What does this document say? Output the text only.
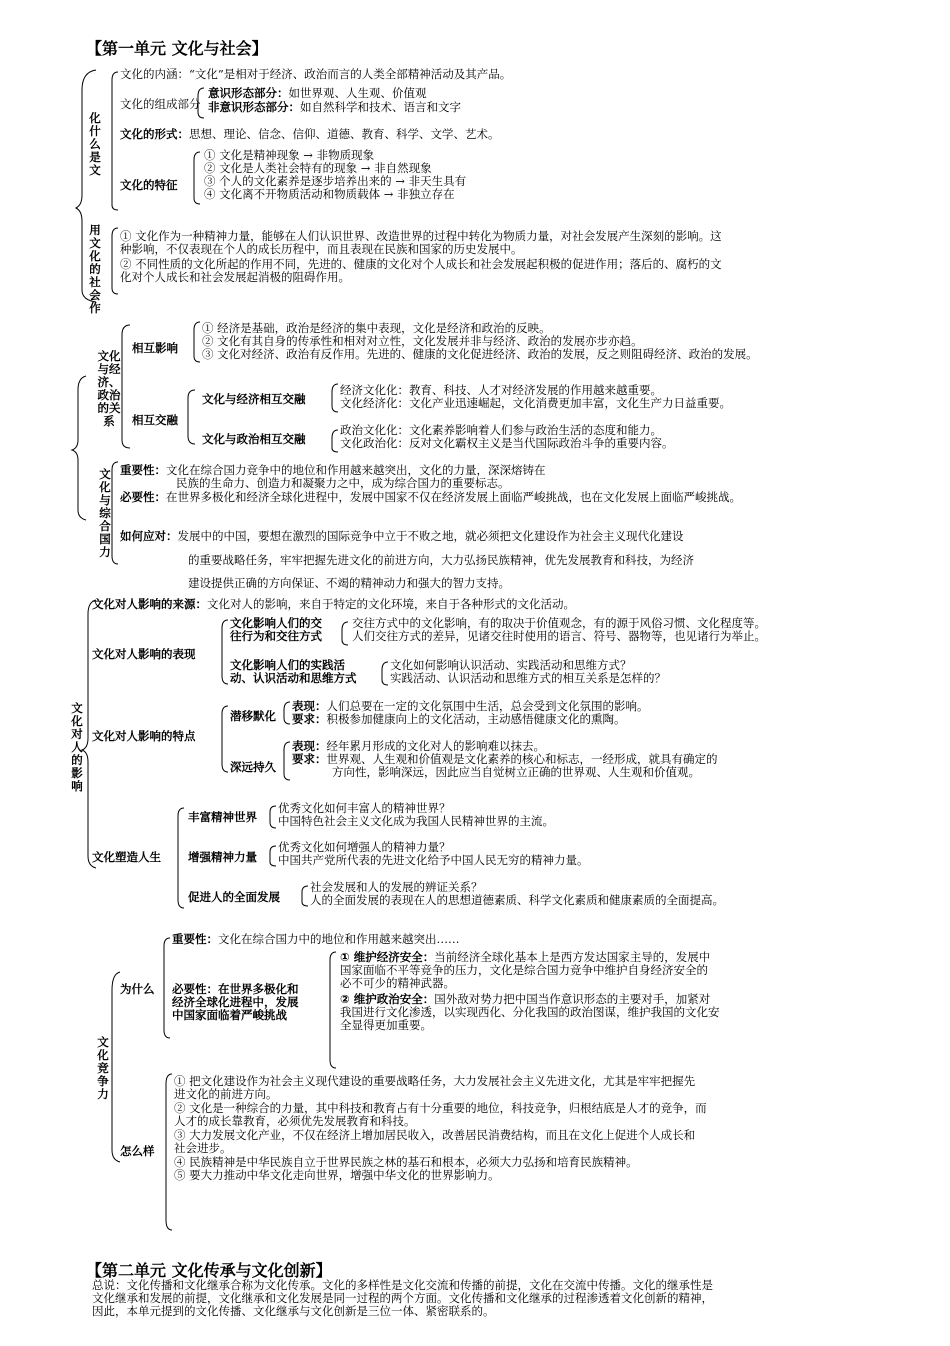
【第一单元 文化与社会】
化什么是文
文化的内涵：“文化”是相对于经济、政治而言的人类全部精神活动及其产品。
文化的组成部分
意识形态部分：如世界观、人生观、价值观
非意识形态部分：如自然科学和技术、语言和文字
文化的形式：思想、理论、信念、信仰、道德、教育、科学、文学、艺术。
文化的特征
① 文化是精神现象 → 非物质现象
② 文化是人类社会特有的现象 → 非自然现象
③ 个人的文化素养是逐步培养出来的 → 非天生具有
④ 文化离不开物质活动和物质载体 → 非独立存在
用文化的社会作
① 文化作为一种精神力量，能够在人们认识世界、改造世界的过程中转化为物质力量，对社会发展产生深刻的影响。这
种影响，不仅表现在个人的成长历程中，而且表现在民族和国家的历史发展中。
② 不同性质的文化所起的作用不同，先进的、健康的文化对个人成长和社会发展起积极的促进作用；落后的、腐朽的文
化对个人成长和社会发展起消极的阻碍作用。
文化与经济、政治的关系
相互影响
① 经济是基础，政治是经济的集中表现，文化是经济和政治的反映。
② 文化有其自身的传承性和相对对立性，文化发展并非与经济、政治的发展亦步亦趋。
③ 文化对经济、政治有反作用。先进的、健康的文化促进经济、政治的发展，反之则阻碍经济、政治的发展。
相互交融
文化与经济相互交融
经济文化化：教育、科技、人才对经济发展的作用越来越重要。
文化经济化：文化产业迅速崛起，文化消费更加丰富，文化生产力日益重要。
文化与政治相互交融
政治文化化：文化素养影响着人们参与政治生活的态度和能力。
文化政治化：反对文化霸权主义是当代国际政治斗争的重要内容。
文化与综合国力
重要性：文化在综合国力竞争中的地位和作用越来越突出，文化的力量，深深熔铸在
民族的生命力、创造力和凝聚力之中，成为综合国力的重要标志。
必要性：在世界多极化和经济全球化进程中，发展中国家不仅在经济发展上面临严峻挑战，也在文化发展上面临严峻挑战。
如何应对：发展中的中国，要想在激烈的国际竞争中立于不败之地，就必须把文化建设作为社会主义现代化建设
的重要战略任务，牢牢把握先进文化的前进方向，大力弘扬民族精神，优先发展教育和科技，为经济
建设提供正确的方向保证、不竭的精神动力和强大的智力支持。
文化对人的影响
文化对人影响的来源：文化对人的影响，来自于特定的文化环境，来自于各种形式的文化活动。
文化对人影响的表现
文化影响人们的交
往行为和交往方式
交往方式中的文化影响，有的取决于价值观念，有的源于风俗习惯、文化程度等。
人们交往方式的差异，见诸交往时使用的语言、符号、器物等，也见诸行为举止。
文化影响人们的实践活
动、认识活动和思维方式
文化如何影响认识活动、实践活动和思维方式？
实践活动、认识活动和思维方式的相互关系是怎样的？
文化对人影响的特点
潜移默化
表现：人们总要在一定的文化氛围中生活，总会受到文化氛围的影响。
要求：积极参加健康向上的文化活动，主动感悟健康文化的熏陶。
深远持久
表现：经年累月形成的文化对人的影响难以抹去。
要求：世界观、人生观和价值观是文化素养的核心和标志，一经形成，就具有确定的
方向性，影响深远，因此应当自觉树立正确的世界观、人生观和价值观。
文化塑造人生
丰富精神世界
优秀文化如何丰富人的精神世界？
中国特色社会主义文化成为我国人民精神世界的主流。
增强精神力量
优秀文化如何增强人的精神力量？
中国共产党所代表的先进文化给予中国人民无穷的精神力量。
促进人的全面发展
社会发展和人的发展的辨证关系？
人的全面发展的表现在人的思想道德素质、科学文化素质和健康素质的全面提高。
文化竞争力
为什么
重要性：文化在综合国力中的地位和作用越来越突出……
必要性：在世界多极化和
经济全球化进程中，发展
中国家面临着严峻挑战
① 维护经济安全：当前经济全球化基本上是西方发达国家主导的，发展中
国家面临不平等竞争的压力，文化是综合国力竞争中维护自身经济安全的
必不可少的精神武器。
② 维护政治安全：国外敌对势力把中国当作意识形态的主要对手，加紧对
我国进行文化渗透，以实现西化、分化我国的政治图谋，维护我国的文化安
全显得更加重要。
怎么样
① 把文化建设作为社会主义现代建设的重要战略任务，大力发展社会主义先进文化，尤其是牢牢把握先
进文化的前进方向。
② 文化是一种综合的力量，其中科技和教育占有十分重要的地位，科技竞争，归根结底是人才的竞争，而
人才的成长靠教育，必须优先发展教育和科技。
③ 大力发展文化产业，不仅在经济上增加居民收入，改善居民消费结构，而且在文化上促进个人成长和
社会进步。
④ 民族精神是中华民族自立于世界民族之林的基石和根本，必须大力弘扬和培育民族精神。
⑤ 要大力推动中华文化走向世界，增强中华文化的世界影响力。
【第二单元 文化传承与文化创新】
总说：文化传播和文化继承合称为文化传承。文化的多样性是文化交流和传播的前提，文化在交流中传播。文化的继承性是
文化继承和发展的前提，文化继承和文化发展是同一过程的两个方面。文化传播和文化继承的过程渗透着文化创新的精神，
因此，本单元提到的文化传播、文化继承与文化创新是三位一体、紧密联系的。
